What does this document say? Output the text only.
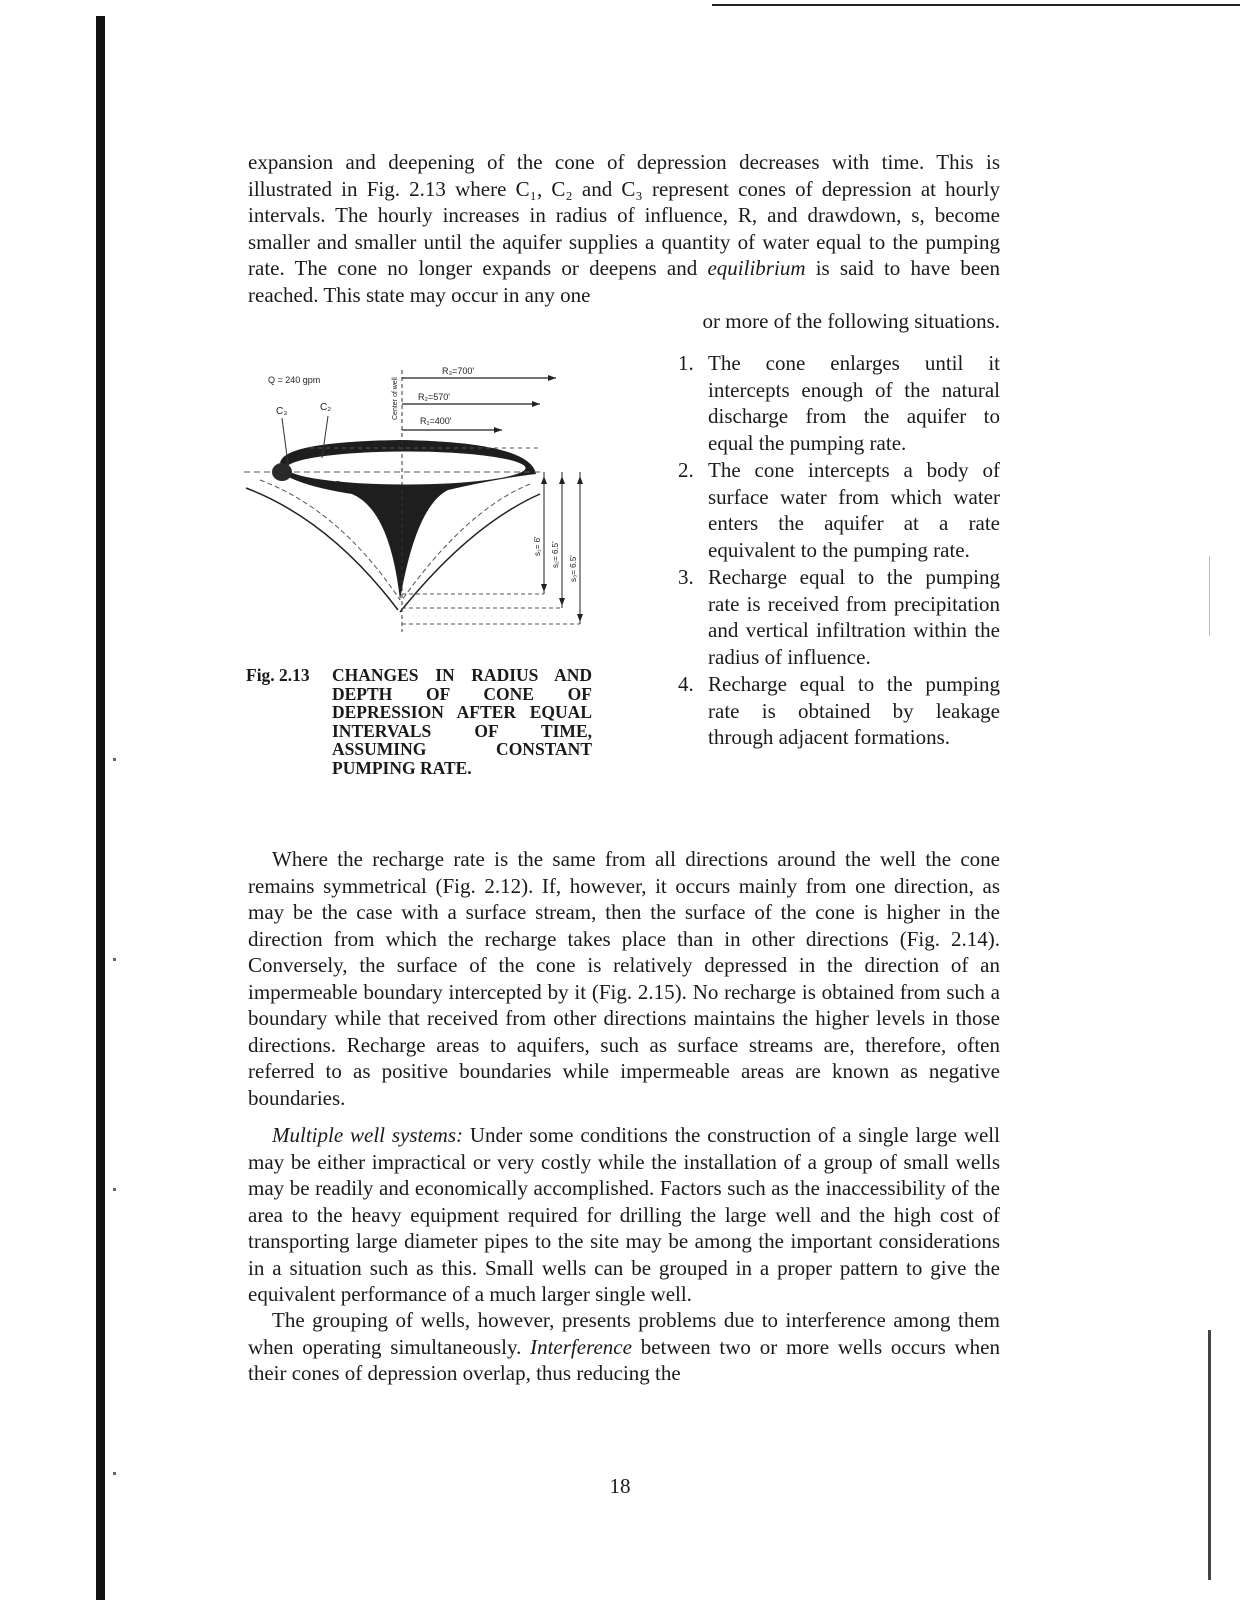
expansion and deepening of the cone of depression decreases with time. This is illustrated in Fig. 2.13 where C₁, C₂ and C₃ represent cones of depression at hourly intervals. The hourly increases in radius of influence, R, and drawdown, s, become smaller and smaller until the aquifer supplies a quantity of water equal to the pumping rate. The cone no longer expands or deepens and equilibrium is said to have been reached. This state may occur in any one
or more of the following situations.
Q = 240 gpm
R₃=700'
R₂=570'
R₁=400'
C₃	C₂
C₁
Center of well
s₁= 6' s₂= 6.5'
s₃= 6.5'
Fig. 2.13 CHANGES IN RADIUS AND DEPTH OF CONE OF DEPRESSION AFTER EQUAL INTERVALS OF TIME, ASSUMING CONSTANT PUMPING RATE.
1. The cone enlarges until it intercepts enough of the natural discharge from the aquifer to equal the pumping rate.
2. The cone intercepts a body of surface water from which water enters the aquifer at a rate equivalent to the pumping rate.
3. Recharge equal to the pumping rate is received from precipitation and vertical infiltration within the radius of influence.
4. Recharge equal to the pumping rate is obtained by leakage through adjacent formations.
Where the recharge rate is the same from all directions around the well the cone remains symmetrical (Fig. 2.12). If, however, it occurs mainly from one direction, as may be the case with a surface stream, then the surface of the cone is higher in the direction from which the recharge takes place than in other directions (Fig. 2.14). Conversely, the surface of the cone is relatively depressed in the direction of an impermeable boundary intercepted by it (Fig. 2.15). No recharge is obtained from such a boundary while that received from other directions maintains the higher levels in those directions. Recharge areas to aquifers, such as surface streams are, therefore, often referred to as positive boundaries while impermeable areas are known as negative boundaries.
Multiple well systems: Under some conditions the construction of a single large well may be either impractical or very costly while the installation of a group of small wells may be readily and economically accomplished. Factors such as the inaccessibility of the area to the heavy equipment required for drilling the large well and the high cost of transporting large diameter pipes to the site may be among the important considerations in a situation such as this. Small wells can be grouped in a proper pattern to give the equivalent performance of a much larger single well.
The grouping of wells, however, presents problems due to interference among them when operating simultaneously. Interference between two or more wells occurs when their cones of depression overlap, thus reducing the
18
